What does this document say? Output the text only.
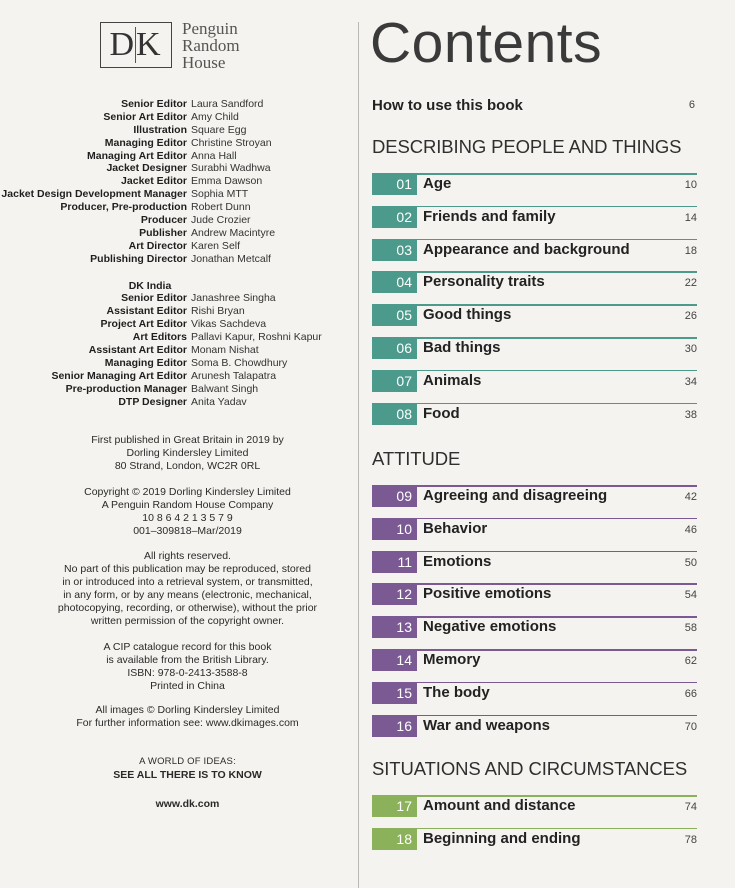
DK Penguin
Random
House
Senior Editor Laura Sandford
Senior Art Editor Amy Child
Illustration Square Egg
Managing Editor Christine Stroyan
Managing Art Editor Anna Hall
Jacket Designer Surabhi Wadhwa
Jacket Editor Emma Dawson
Jacket Design Development Manager Sophia MTT
Producer, Pre-production Robert Dunn
Producer Jude Crozier
Publisher Andrew Macintyre
Art Director Karen Self
Publishing Director Jonathan Metcalf
DK India
Senior Editor Janashree Singha
Assistant Editor Rishi Bryan
Project Art Editor Vikas Sachdeva
Art Editors Pallavi Kapur, Roshni Kapur
Assistant Art Editor Monam Nishat
Managing Editor Soma B. Chowdhury
Senior Managing Art Editor Arunesh Talapatra
Pre-production Manager Balwant Singh
DTP Designer Anita Yadav
First published in Great Britain in 2019 by
Dorling Kindersley Limited
80 Strand, London, WC2R 0RL
Copyright © 2019 Dorling Kindersley Limited
A Penguin Random House Company
10 8 6 4 2 1 3 5 7 9
001–309818–Mar/2019
All rights reserved.
No part of this publication may be reproduced, stored
in or introduced into a retrieval system, or transmitted,
in any form, or by any means (electronic, mechanical,
photocopying, recording, or otherwise), without the prior
written permission of the copyright owner.
A CIP catalogue record for this book
is available from the British Library.
ISBN: 978-0-2413-3588-8
Printed in China
All images © Dorling Kindersley Limited
For further information see: www.dkimages.com
A WORLD OF IDEAS:
SEE ALL THERE IS TO KNOW
www.dk.com
Contents
How to use this book	6
DESCRIBING PEOPLE AND THINGS
01 Age	10
02 Friends and family	14
03 Appearance and background	18
04 Personality traits	22
05 Good things	26
06 Bad things	30
07 Animals	34
08 Food	38
ATTITUDE
09 Agreeing and disagreeing	42
10 Behavior	46
11 Emotions	50
12 Positive emotions	54
13 Negative emotions	58
14 Memory	62
15 The body	66
16 War and weapons	70
SITUATIONS AND CIRCUMSTANCES
17 Amount and distance	74
18 Beginning and ending	78
